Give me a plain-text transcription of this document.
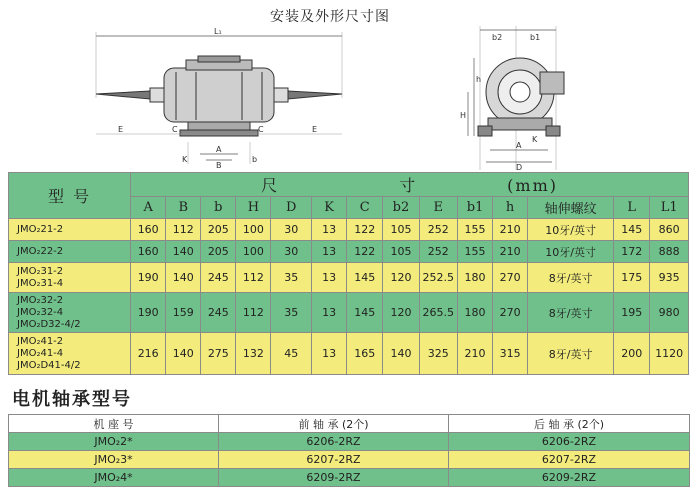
安装及外形尺寸图
L₁
E	C	C	E
A
B
K	b
b2	b1
H
h
A
K
D
型 号	尺 寸 (mm)													
	A	B	b	H	D	K	C	b2	E	b1	h	轴伸螺纹	L	L1

JMO₂21-2	160	112	205	100	30	13	122	105	252	155	210	10牙/英寸	145	860

JMO₂22-2	160	140	205	100	30	13	122	105	252	155	210	10牙/英寸	172	888

JMO₂31-2
JMO₂31-4	190	140	245	112	35	13	145	120	252.5	180	270	8牙/英寸	175	935

JMO₂32-2
JMO₂32-4
JMO₂D32-4/2	190	159	245	112	35	13	145	120	265.5	180	270	8牙/英寸	195	980

JMO₂41-2
JMO₂41-4
JMO₂D41-4/2	216	140	275	132	45	13	165	140	325	210	315	8牙/英寸	200	1120
电机轴承型号
机 座 号	前 轴 承 (2个)	后 轴 承 (2个)
JMO₂2*	6206-2RZ	6206-2RZ
JMO₂3*	6207-2RZ	6207-2RZ
JMO₂4*	6209-2RZ	6209-2RZ
